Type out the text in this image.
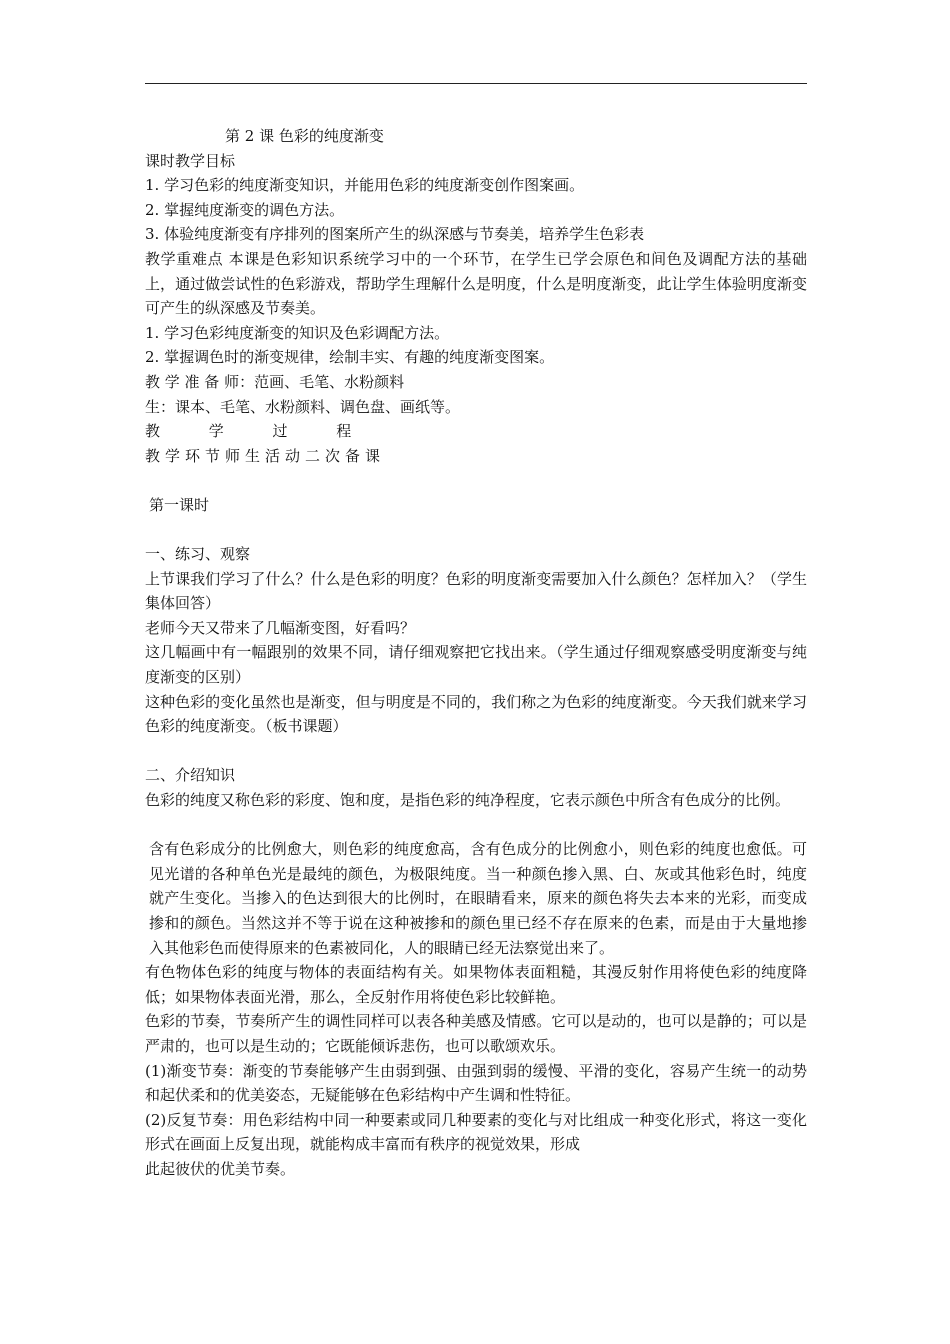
第 2 课 色彩的纯度渐变
课时教学目标
1. 学习色彩的纯度渐变知识，并能用色彩的纯度渐变创作图案画。
2. 掌握纯度渐变的调色方法。
3. 体验纯度渐变有序排列的图案所产生的纵深感与节奏美，培养学生色彩表
教学重难点 本课是色彩知识系统学习中的一个环节，在学生已学会原色和间色及调配方法的基础上，通过做尝试性的色彩游戏，帮助学生理解什么是明度，什么是明度渐变，此让学生体验明度渐变可产生的纵深感及节奏美。
1. 学习色彩纯度渐变的知识及色彩调配方法。
2. 掌握调色时的渐变规律，绘制丰实、有趣的纯度渐变图案。
教 学 准 备 师：范画、毛笔、水粉颜料
生：课本、毛笔、水粉颜料、调色盘、画纸等。
教 学 过 程
教学环节师生活动二次备课
第一课时
一、练习、观察
上节课我们学习了什么？什么是色彩的明度？色彩的明度渐变需要加入什么颜色？怎样加入？（学生集体回答）
老师今天又带来了几幅渐变图，好看吗？
这几幅画中有一幅跟别的效果不同，请仔细观察把它找出来。（学生通过仔细观察感受明度渐变与纯度渐变的区别）
这种色彩的变化虽然也是渐变，但与明度是不同的，我们称之为色彩的纯度渐变。今天我们就来学习色彩的纯度渐变。（板书课题）
二、介绍知识
色彩的纯度又称色彩的彩度、饱和度，是指色彩的纯净程度，它表示颜色中所含有色成分的比例。
含有色彩成分的比例愈大，则色彩的纯度愈高，含有色成分的比例愈小，则色彩的纯度也愈低。可见光谱的各种单色光是最纯的颜色，为极限纯度。当一种颜色掺入黑、白、灰或其他彩色时，纯度就产生变化。当掺入的色达到很大的比例时，在眼睛看来，原来的颜色将失去本来的光彩，而变成掺和的颜色。当然这并不等于说在这种被掺和的颜色里已经不存在原来的色素，而是由于大量地掺入其他彩色而使得原来的色素被同化，人的眼睛已经无法察觉出来了。
有色物体色彩的纯度与物体的表面结构有关。如果物体表面粗糙，其漫反射作用将使色彩的纯度降低；如果物体表面光滑，那么，全反射作用将使色彩比较鲜艳。
色彩的节奏，节奏所产生的调性同样可以表各种美感及情感。它可以是动的，也可以是静的；可以是严肃的，也可以是生动的；它既能倾诉悲伤，也可以歌颂欢乐。
(1)渐变节奏：渐变的节奏能够产生由弱到强、由强到弱的缓慢、平滑的变化，容易产生统一的动势和起伏柔和的优美姿态，无疑能够在色彩结构中产生调和性特征。
(2)反复节奏：用色彩结构中同一种要素或同几种要素的变化与对比组成一种变化形式，将这一变化形式在画面上反复出现，就能构成丰富而有秩序的视觉效果，形成
此起彼伏的优美节奏。
